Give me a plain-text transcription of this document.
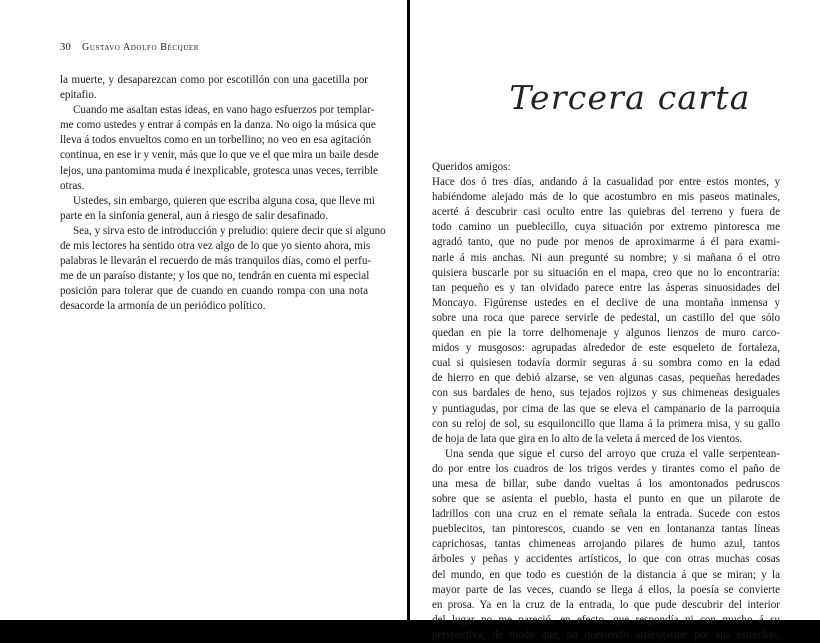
30 Gustavo Adolfo Bécquer
la muerte, y desaparezcan como por escotillón con una gacetilla por
epitafio.
Cuando me asaltan estas ideas, en vano hago esfuerzos por templar-
me como ustedes y entrar á compás en la danza. No oigo la música que
lleva á todos envueltos como en un torbellino; no veo en esa agitación
continua, en ese ir y venir, más que lo que ve el que mira un baile desde
lejos, una pantomima muda é inexplicable, grotesca unas veces, terrible
otras.
Ustedes, sin embargo, quieren que escriba alguna cosa, que lleve mi
parte en la sinfonía general, aun á riesgo de salir desafinado.
Sea, y sirva esto de introducción y preludio: quiere decir que si alguno
de mis lectores ha sentido otra vez algo de lo que yo siento ahora, mis
palabras le llevarán el recuerdo de más tranquilos días, como el perfu-
me de un paraíso distante; y los que no, tendrán en cuenta mi especial
posición para tolerar que de cuando en cuando rompa con una nota
desacorde la armonía de un periódico político.
Tercera carta
Queridos amigos:
Hace dos ó tres días, andando á la casualidad por entre estos montes, y
habiéndome alejado más de lo que acostumbro en mis paseos matinales,
acerté á descubrir casi oculto entre las quiebras del terreno y fuera de
todo camino un pueblecillo, cuya situación por extremo pintoresca me
agradó tanto, que no pude por menos de aproximarme á él para exami-
narle á mis anchas. Ni aun pregunté su nombre; y si mañana ó el otro
quisiera buscarle por su situación en el mapa, creo que no lo encontraría:
tan pequeño es y tan olvidado parece entre las ásperas sinuosidades del
Moncayo. Figúrense ustedes en el declive de una montaña inmensa y
sobre una roca que parece servirle de pedestal, un castillo del que sólo
quedan en pie la torre delhomenaje y algunos lienzos de muro carco-
midos y musgosos: agrupadas alrededor de este esqueleto de fortaleza,
cual si quisiesen todavía dormir seguras á su sombra como en la edad
de hierro en que debió alzarse, se ven algunas casas, pequeñas heredades
con sus bardales de heno, sus tejados rojizos y sus chimeneas desiguales
y puntiagudas, por cima de las que se eleva el campanario de la parroquia
con su reloj de sol, su esquiloncillo que llama á la primera misa, y su gallo
de hoja de lata que gira en lo alto de la veleta á merced de los vientos.
Una senda que sigue el curso del arroyo que cruza el valle serpentean-
do por entre los cuadros de los trigos verdes y tirantes como el paño de
una mesa de billar, sube dando vueltas á los amontonados pedruscos
sobre que se asienta el pueblo, hasta el punto en que un pilarote de
ladrillos con una cruz en el remate señala la entrada. Sucede con estos
pueblecitos, tan pintorescos, cuando se ven en lontananza tantas líneas
caprichosas, tantas chimeneas arrojando pilares de humo azul, tantos
árboles y peñas y accidentes artísticos, lo que con otras muchas cosas
del mundo, en que todo es cuestión de la distancia á que se miran; y la
mayor parte de las veces, cuando se llega á ellos, la poesía se convierte
en prosa. Ya en la cruz de la entrada, lo que pude descubrir del interior
del lugar no me pareció, en efecto, que respondía ni con mucho á su
perspectiva; de modo que, no queriendo arriesgarme por sus estrechas,
